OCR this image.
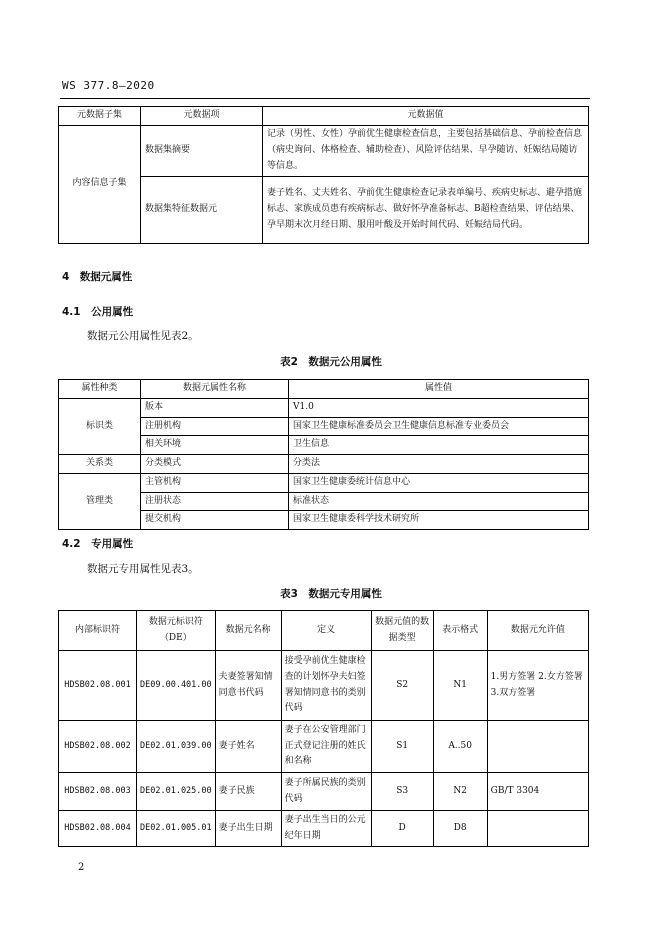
WS 377.8—2020
元数据子集	元数据项	元数据值
内容信息子集	数据集摘要	记录（男性、女性）孕前优生健康检查信息，主要包括基础信息、孕前检查信息（病史询问、体格检查、辅助检查）、风险评估结果、早孕随访、妊娠结局随访等信息。
	数据集特征数据元	妻子姓名、丈夫姓名、孕前优生健康检查记录表单编号、疾病史标志、避孕措施标志、家族成员患有疾病标志、做好怀孕准备标志、B超检查结果、评估结果、孕早期末次月经日期、服用叶酸及开始时间代码、妊娠结局代码。
4　数据元属性
4.1　公用属性
数据元公用属性见表2。
表2　数据元公用属性
属性种类	数据元属性名称	属性值
标识类	版本	V1.0
	注册机构	国家卫生健康标准委员会卫生健康信息标准专业委员会
	相关环境	卫生信息
关系类	分类模式	分类法
管理类	主管机构	国家卫生健康委统计信息中心
	注册状态	标准状态
	提交机构	国家卫生健康委科学技术研究所
4.2　专用属性
数据元专用属性见表3。
表3　数据元专用属性
内部标识符	数据元标识符（DE）	数据元名称	定义	数据元值的数据类型	表示格式	数据元允许值
HDSB02.08.001	DE09.00.401.00	夫妻签署知情同意书代码	接受孕前优生健康检查的计划怀孕夫妇签署知情同意书的类别代码	S2	N1	1.男方签署 2.女方签署 3.双方签署
HDSB02.08.002	DE02.01.039.00	妻子姓名	妻子在公安管理部门正式登记注册的姓氏和名称	S1	A..50	
HDSB02.08.003	DE02.01.025.00	妻子民族	妻子所属民族的类别代码	S3	N2	GB/T 3304
HDSB02.08.004	DE02.01.005.01	妻子出生日期	妻子出生当日的公元纪年日期	D	D8	
2
